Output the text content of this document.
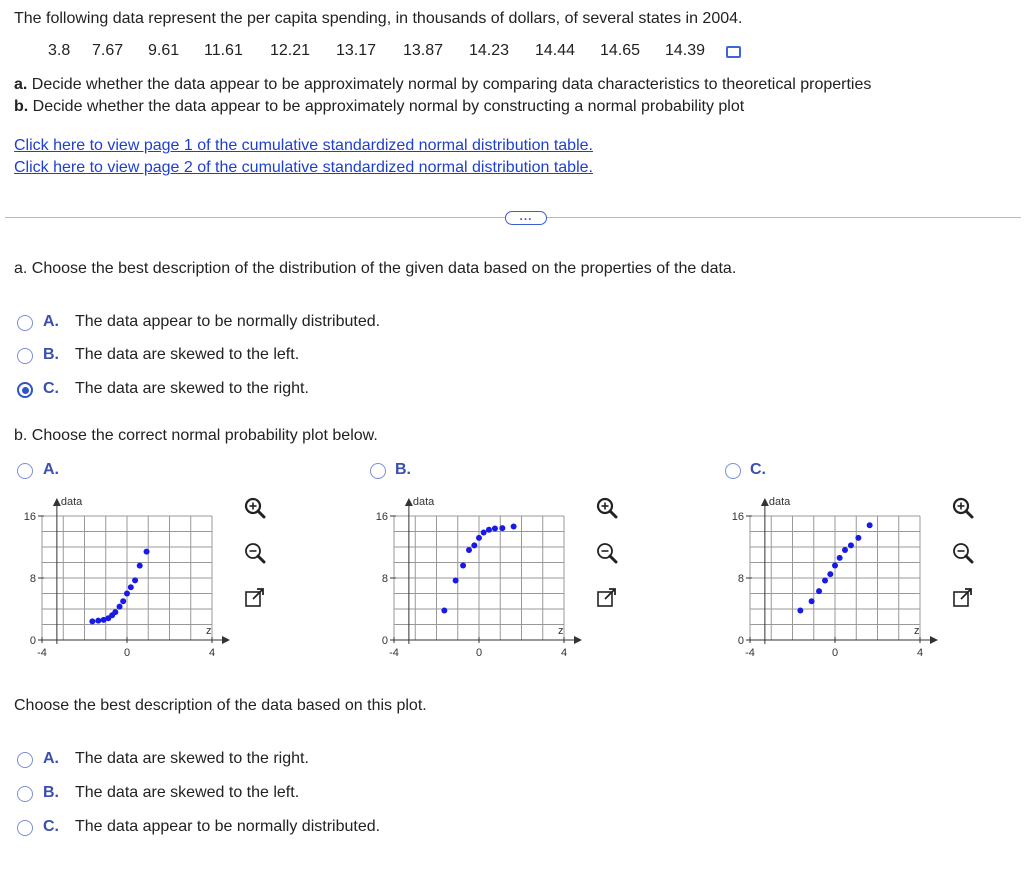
The following data represent the per capita spending, in thousands of dollars, of several states in 2004.
3.8 7.67 9.61 11.61 12.21 13.17 13.87 14.23 14.44 14.65 14.39
a. Decide whether the data appear to be approximately normal by comparing data characteristics to theoretical properties
b. Decide whether the data appear to be approximately normal by constructing a normal probability plot
Click here to view page 1 of the cumulative standardized normal distribution table.
Click here to view page 2 of the cumulative standardized normal distribution table.
...
a. Choose the best description of the distribution of the given data based on the properties of the data.
A. The data appear to be normally distributed.
B. The data are skewed to the left.
C. The data are skewed to the right.
b. Choose the correct normal probability plot below.
A.	B.	C.
0
8
16
-4	0	4
data
z
0
8
16
-4	0	4
data
z
0
8
16
-4	0	4
data
z
Choose the best description of the data based on this plot.
A. The data are skewed to the right.
B. The data are skewed to the left.
C. The data appear to be normally distributed.
